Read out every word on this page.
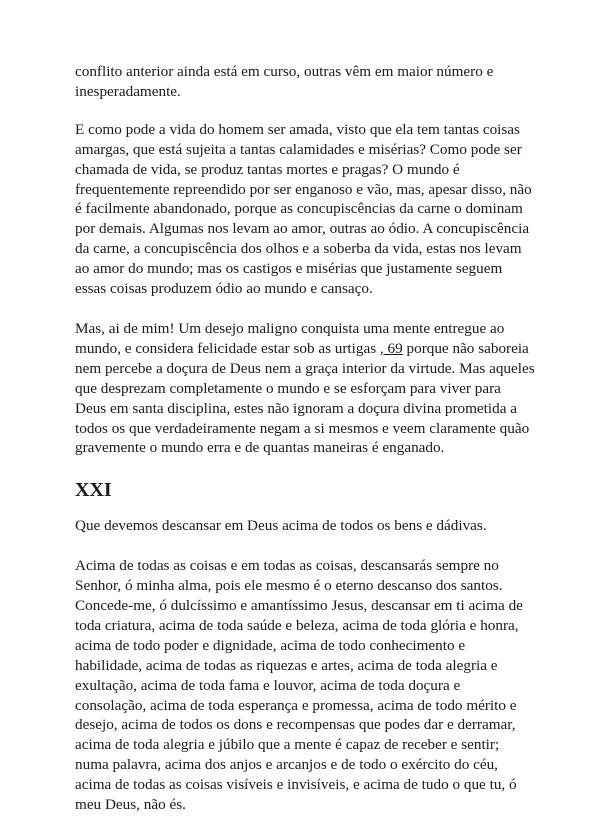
conflito anterior ainda está em curso, outras vêm em maior número e inesperadamente.

E como pode a vida do homem ser amada, visto que ela tem tantas coisas amargas, que está sujeita a tantas calamidades e misérias? Como pode ser chamada de vida, se produz tantas mortes e pragas? O mundo é frequentemente repreendido por ser enganoso e vão, mas, apesar disso, não é facilmente abandonado, porque as concupiscências da carne o dominam por demais. Algumas nos levam ao amor, outras ao ódio. A concupiscência da carne, a concupiscência dos olhos e a soberba da vida, estas nos levam ao amor do mundo; mas os castigos e misérias que justamente seguem essas coisas produzem ódio ao mundo e cansaço.

Mas, ai de mim! Um desejo maligno conquista uma mente entregue ao mundo, e considera felicidade estar sob as urtigas , 69 porque não saboreia nem percebe a doçura de Deus nem a graça interior da virtude. Mas aqueles que desprezam completamente o mundo e se esforçam para viver para Deus em santa disciplina, estes não ignoram a doçura divina prometida a todos os que verdadeiramente negam a si mesmos e veem claramente quão gravemente o mundo erra e de quantas maneiras é enganado.

XXI

Que devemos descansar em Deus acima de todos os bens e dádivas.

Acima de todas as coisas e em todas as coisas, descansarás sempre no Senhor, ó minha alma, pois ele mesmo é o eterno descanso dos santos. Concede-me, ó dulcíssimo e amantíssimo Jesus, descansar em ti acima de toda criatura, acima de toda saúde e beleza, acima de toda glória e honra, acima de todo poder e dignidade, acima de todo conhecimento e habilidade, acima de todas as riquezas e artes, acima de toda alegria e exultação, acima de toda fama e louvor, acima de toda doçura e consolação, acima de toda esperança e promessa, acima de todo mérito e desejo, acima de todos os dons e recompensas que podes dar e derramar, acima de toda alegria e júbilo que a mente é capaz de receber e sentir; numa palavra, acima dos anjos e arcanjos e de todo o exército do céu, acima de todas as coisas visíveis e invisíveis, e acima de tudo o que tu, ó meu Deus, não és.
